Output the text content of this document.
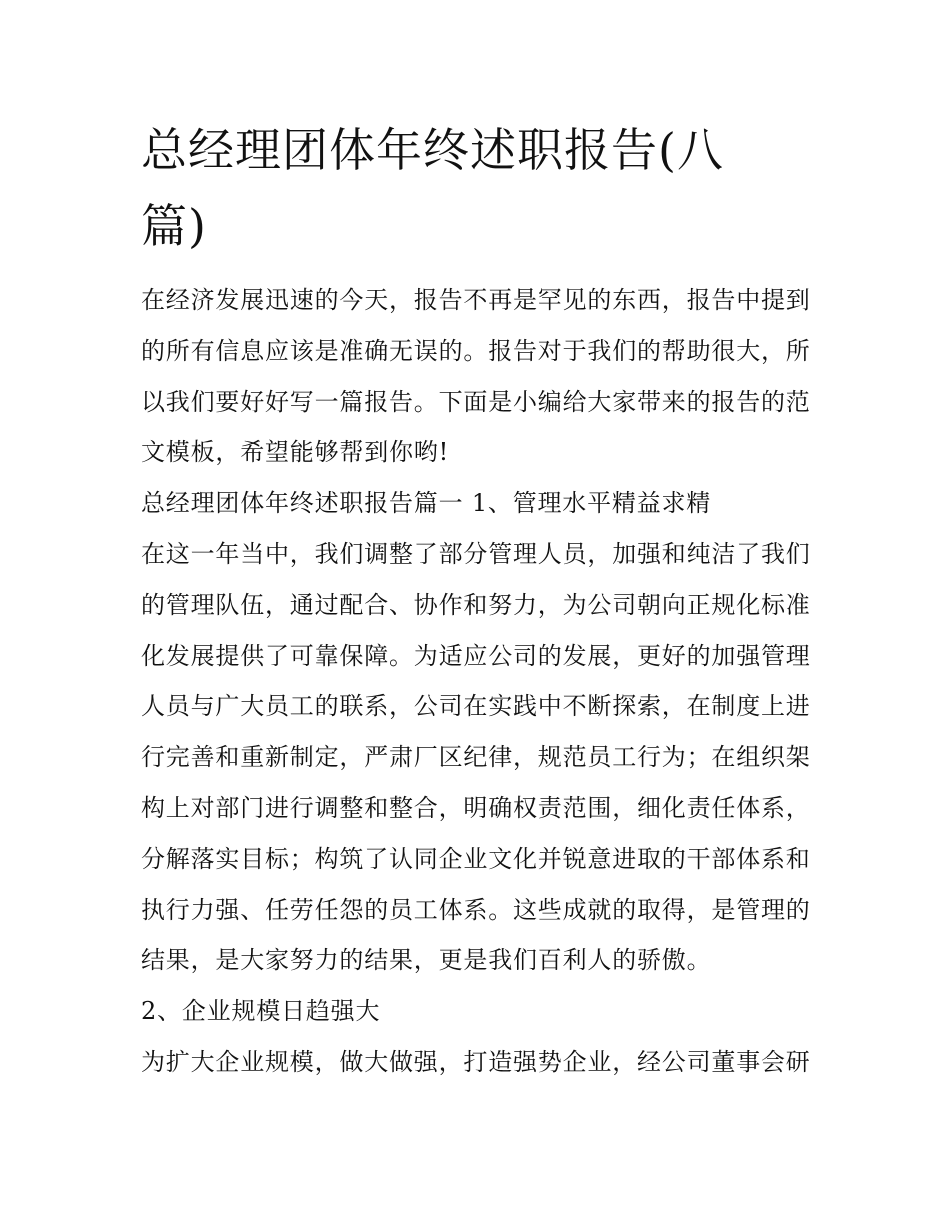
总经理团体年终述职报告(八
篇)
在经济发展迅速的今天，报告不再是罕见的东西，报告中提到
的所有信息应该是准确无误的。报告对于我们的帮助很大，所
以我们要好好写一篇报告。下面是小编给大家带来的报告的范
文模板，希望能够帮到你哟!
总经理团体年终述职报告篇一 1、管理水平精益求精
在这一年当中，我们调整了部分管理人员，加强和纯洁了我们
的管理队伍，通过配合、协作和努力，为公司朝向正规化标准
化发展提供了可靠保障。为适应公司的发展，更好的加强管理
人员与广大员工的联系，公司在实践中不断探索，在制度上进
行完善和重新制定，严肃厂区纪律，规范员工行为；在组织架
构上对部门进行调整和整合，明确权责范围，细化责任体系，
分解落实目标；构筑了认同企业文化并锐意进取的干部体系和
执行力强、任劳任怨的员工体系。这些成就的取得，是管理的
结果，是大家努力的结果，更是我们百利人的骄傲。
2、企业规模日趋强大
为扩大企业规模，做大做强，打造强势企业，经公司董事会研
